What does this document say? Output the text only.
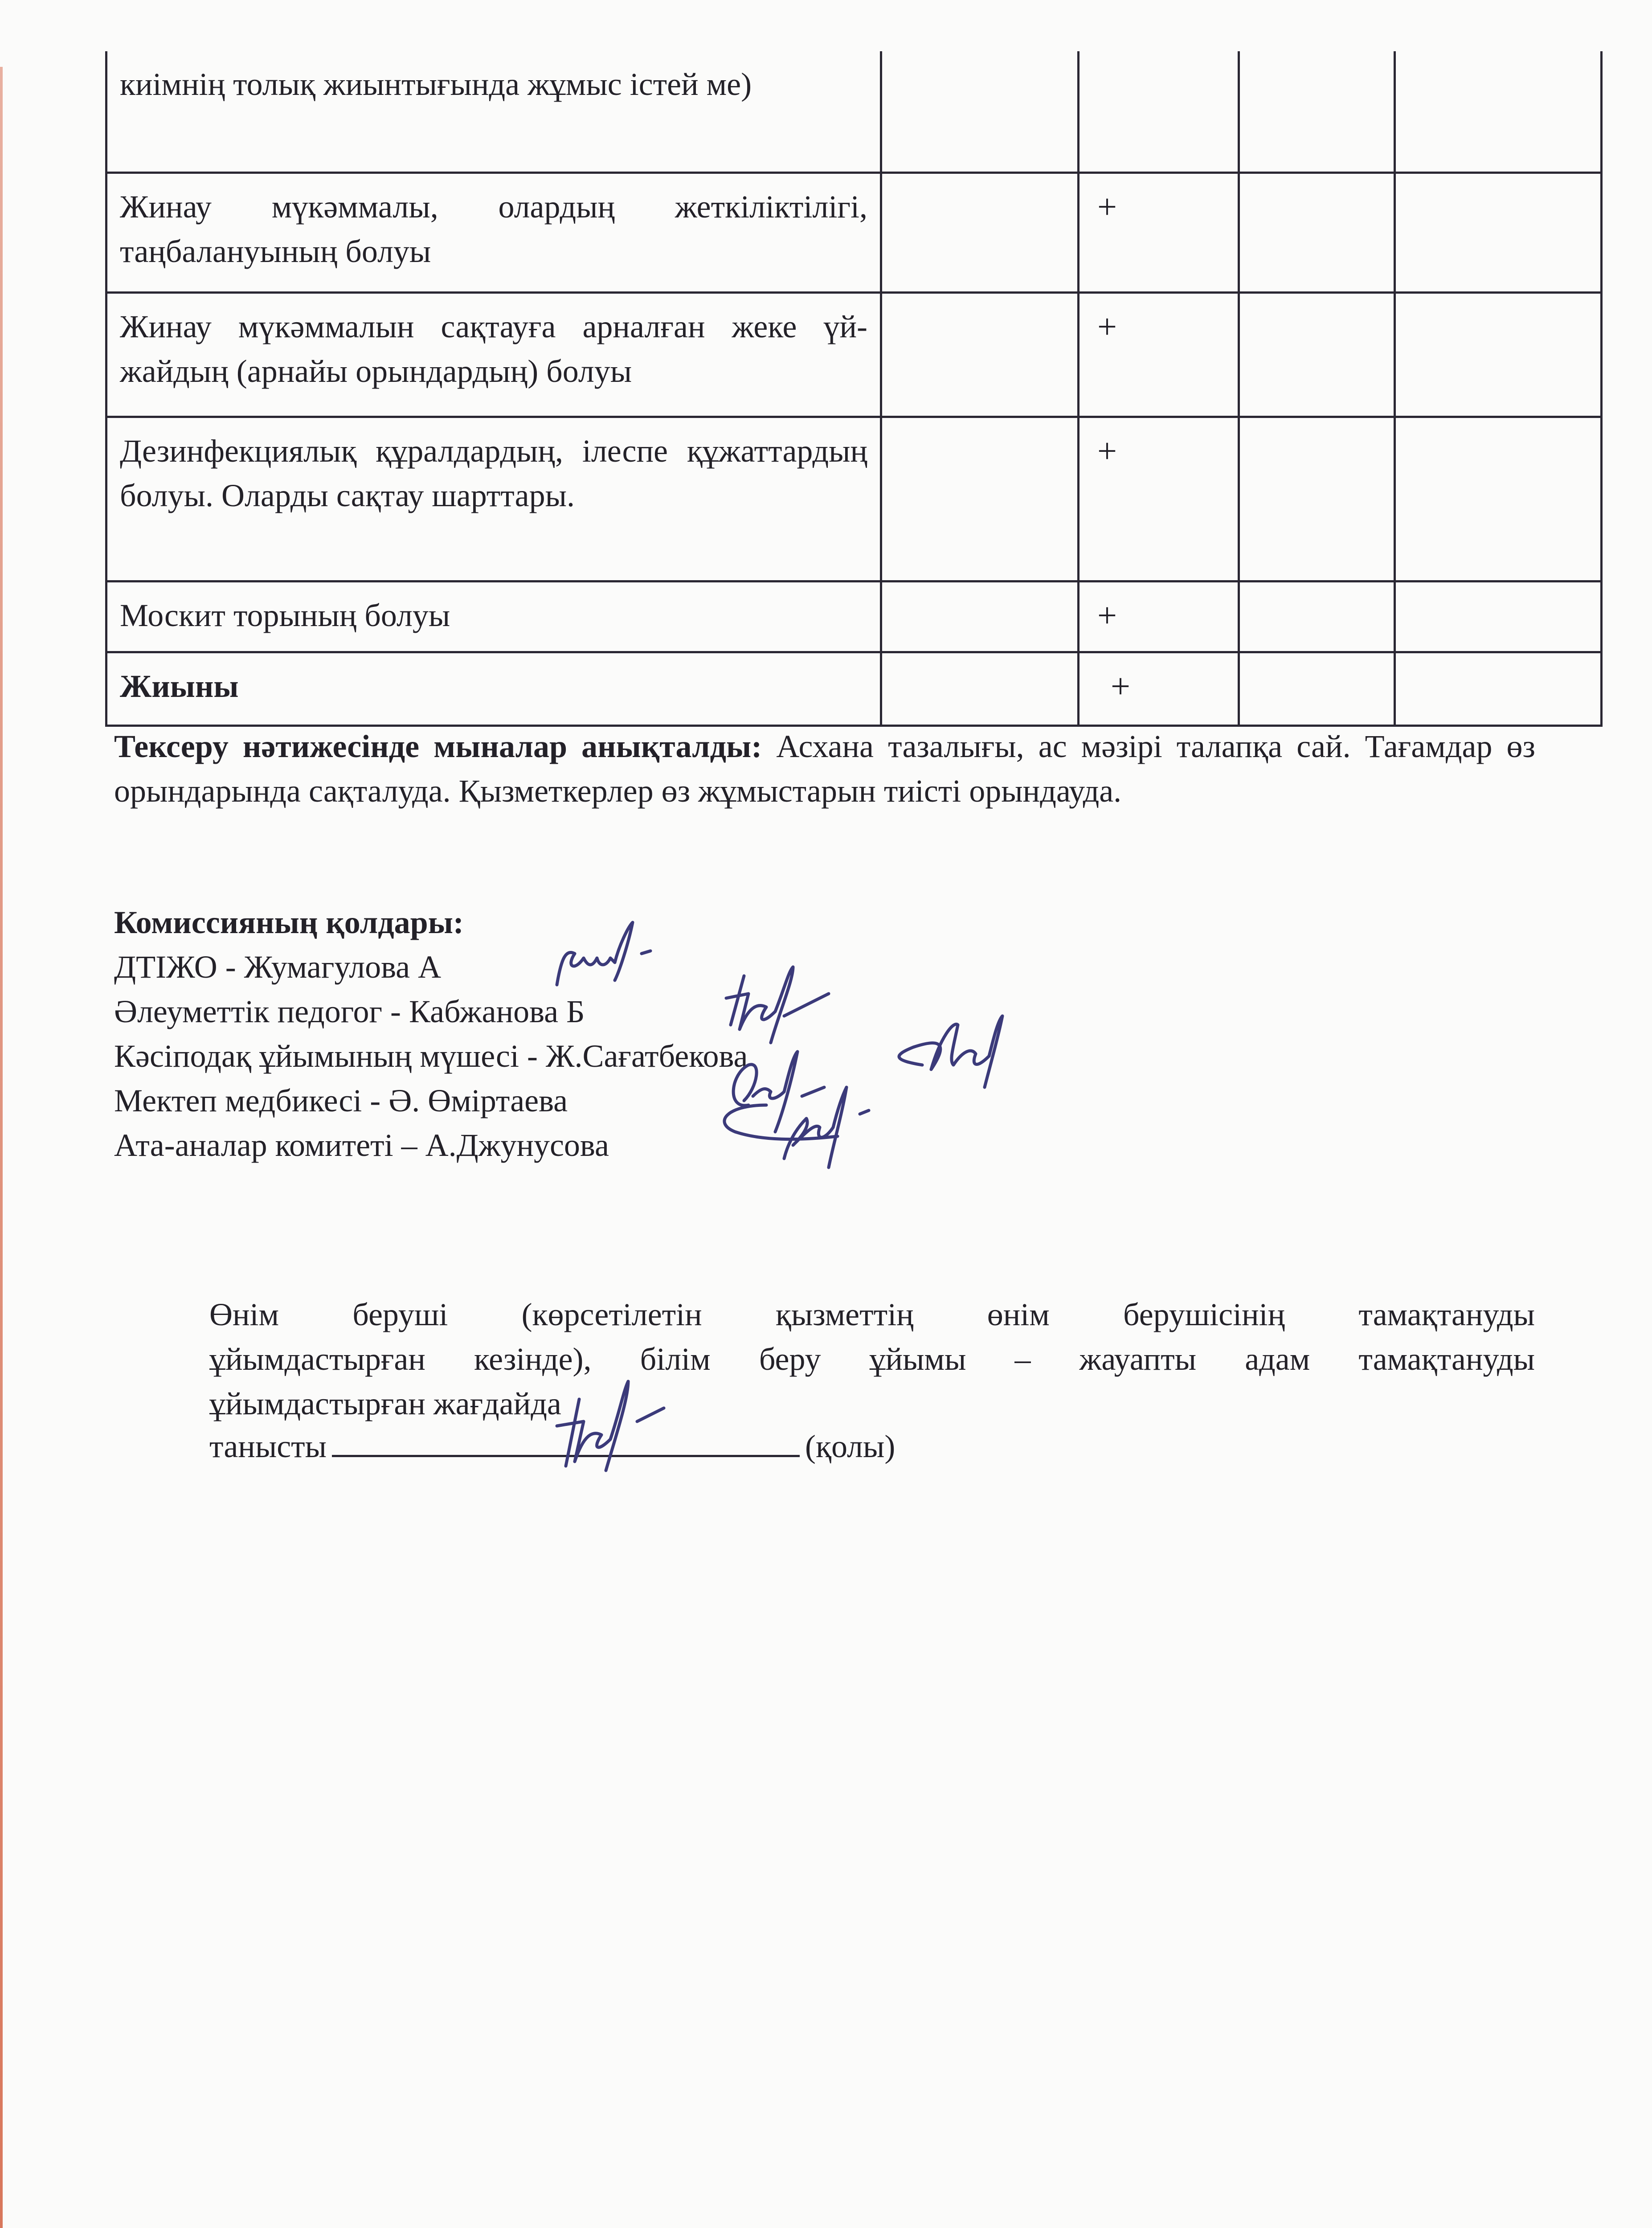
киімнің толық жиынтығында жұмыс істей ме)				
Жинау мүкәммалы, олардың жеткіліктілігі, таңбалануының болуы		+		
Жинау мүкәммалын сақтауға арналған жеке үй-жайдың (арнайы орындардың) болуы		+		
Дезинфекциялық құралдардың, ілеспе құжаттардың болуы. Оларды сақтау шарттары.		+		
Москит торының болуы		+		
Жиыны		+		
Тексеру нәтижесінде мыналар анықталды: Асхана тазалығы, ас мәзірі талапқа сай. Тағамдар өз орындарында сақталуда. Қызметкерлер өз жұмыстарын тиісті орындауда.
Комиссияның қолдары:
ДТІЖО - Жумагулова А
Әлеуметтік педогог - Кабжанова Б
Кәсіподақ ұйымының мүшесі - Ж.Сағатбекова
Мектеп медбикесі - Ә. Өміртаева
Ата-аналар комитеті – А.Джунусова
Өнім беруші (көрсетілетін қызметтің өнім берушісінің тамақтануды
ұйымдастырған кезінде), білім беру ұйымы – жауапты адам тамақтануды
ұйымдастырған жағдайда
танысты	(қолы)
